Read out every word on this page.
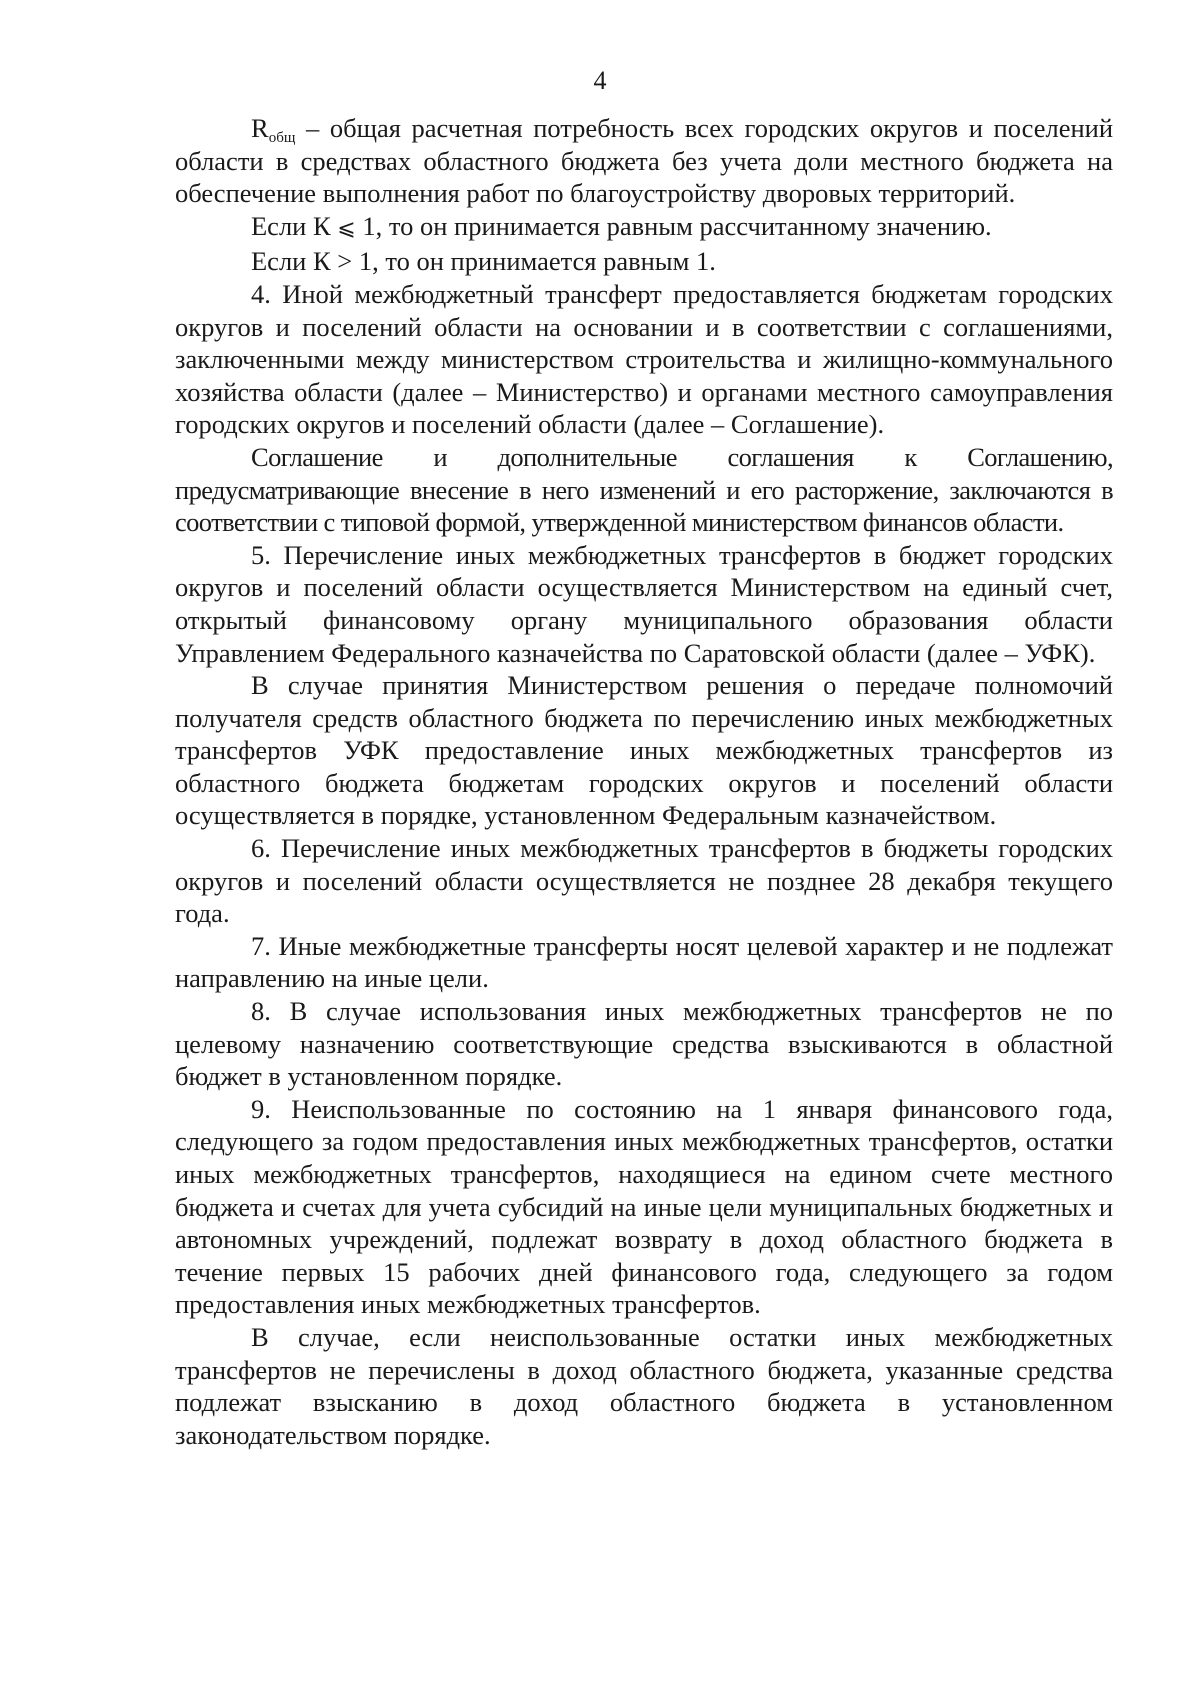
4

$R_{общ}$ – общая расчетная потребность всех городских округов и поселений области в средствах областного бюджета без учета доли местного бюджета на обеспечение выполнения работ по благоустройству дворовых территорий.

Если К ⩽ 1, то он принимается равным рассчитанному значению.

Если К > 1, то он принимается равным 1.

4. Иной межбюджетный трансферт предоставляется бюджетам городских округов и поселений области на основании и в соответствии с соглашениями, заключенными между министерством строительства и жилищно-коммунального хозяйства области (далее – Министерство) и органами местного самоуправления городских округов и поселений области (далее – Соглашение).

Соглашение и дополнительные соглашения к Соглашению, предусматривающие внесение в него изменений и его расторжение, заключаются в соответствии с типовой формой, утвержденной министерством финансов области.

5. Перечисление иных межбюджетных трансфертов в бюджет городских округов и поселений области осуществляется Министерством на единый счет, открытый финансовому органу муниципального образования области Управлением Федерального казначейства по Саратовской области (далее – УФК).

В случае принятия Министерством решения о передаче полномочий получателя средств областного бюджета по перечислению иных межбюджетных трансфертов УФК предоставление иных межбюджетных трансфертов из областного бюджета бюджетам городских округов и поселений области осуществляется в порядке, установленном Федеральным казначейством.

6. Перечисление иных межбюджетных трансфертов в бюджеты городских округов и поселений области осуществляется не позднее 28 декабря текущего года.

7. Иные межбюджетные трансферты носят целевой характер и не подлежат направлению на иные цели.

8. В случае использования иных межбюджетных трансфертов не по целевому назначению соответствующие средства взыскиваются в областной бюджет в установленном порядке.

9. Неиспользованные по состоянию на 1 января финансового года, следующего за годом предоставления иных межбюджетных трансфертов, остатки иных межбюджетных трансфертов, находящиеся на едином счете местного бюджета и счетах для учета субсидий на иные цели муниципальных бюджетных и автономных учреждений, подлежат возврату в доход областного бюджета в течение первых 15 рабочих дней финансового года, следующего за годом предоставления иных межбюджетных трансфертов.

В случае, если неиспользованные остатки иных межбюджетных трансфертов не перечислены в доход областного бюджета, указанные средства подлежат взысканию в доход областного бюджета в установленном законодательством порядке.
